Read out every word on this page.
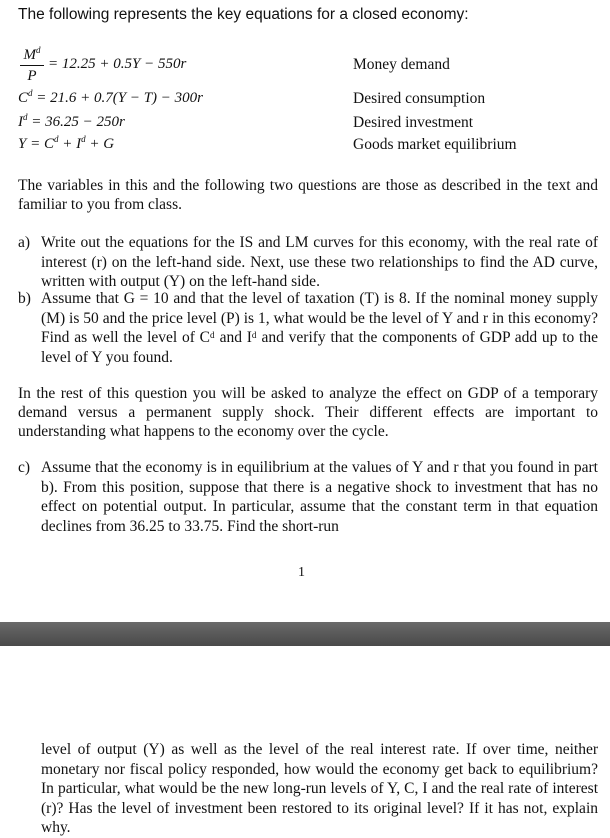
The following represents the key equations for a closed economy:
$M^d$
P
= 12.25 + 0.5Y − 550r	Money demand
$C^d = 21.6 + 0.7(Y - T) - 300r$	Desired consumption
$I^d = 36.25 - 250r$	Desired investment
$Y = C^d + I^d + G$	Goods market equilibrium
The variables in this and the following two questions are those as described in the text and familiar to you from class.
a) Write out the equations for the IS and LM curves for this economy, with the real rate of interest (r) on the left-hand side. Next, use these two relationships to find the AD curve, written with output (Y) on the left-hand side.
b) Assume that G = 10 and that the level of taxation (T) is 8. If the nominal money supply (M) is 50 and the price level (P) is 1, what would be the level of Y and r in this economy? Find as well the level of Cᵈ and Iᵈ and verify that the components of GDP add up to the level of Y you found.
In the rest of this question you will be asked to analyze the effect on GDP of a temporary demand versus a permanent supply shock. Their different effects are important to understanding what happens to the economy over the cycle.
c) Assume that the economy is in equilibrium at the values of Y and r that you found in part b). From this position, suppose that there is a negative shock to investment that has no effect on potential output. In particular, assume that the constant term in that equation declines from 36.25 to 33.75. Find the short-run
1
level of output (Y) as well as the level of the real interest rate. If over time, neither monetary nor fiscal policy responded, how would the economy get back to equilibrium? In particular, what would be the new long-run levels of Y, C, I and the real rate of interest (r)? Has the level of investment been restored to its original level? If it has not, explain why.
